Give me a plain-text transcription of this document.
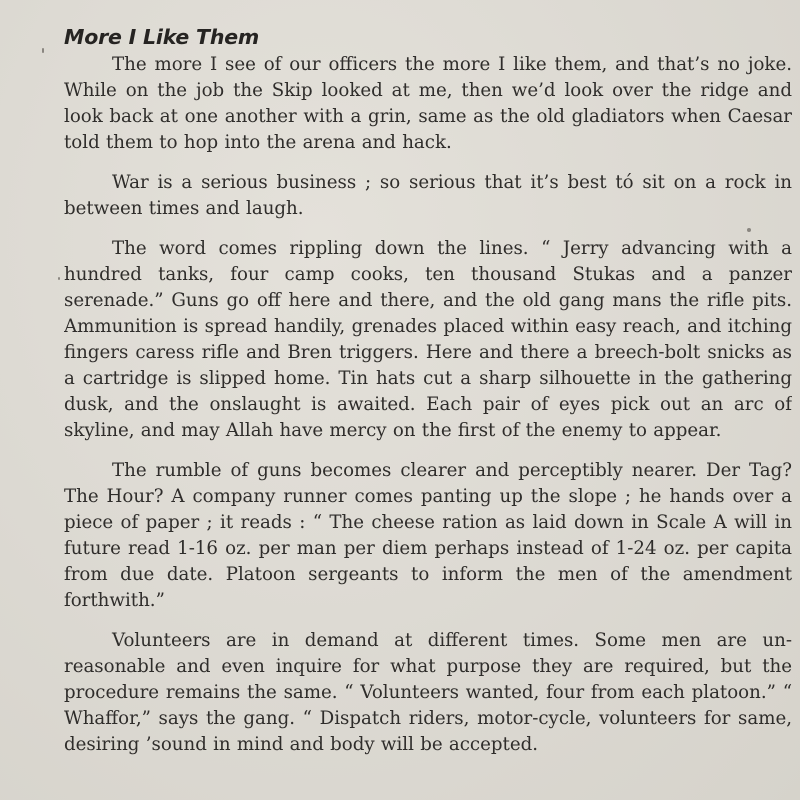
More I Like Them

The more I see of our officers the more I like them, and that’s no joke. While on the job the Skip looked at me, then we’d look over the ridge and look back at one another with a grin, same as the old gladiators when Caesar told them to hop into the arena and hack.

War is a serious business ; so serious that it’s best tó sit on a rock in between times and laugh.

The word comes rippling down the lines. “ Jerry advancing with a hundred tanks, four camp cooks, ten thousand Stukas and a panzer serenade.” Guns go off here and there, and the old gang mans the rifle pits. Ammunition is spread handily, grenades placed within easy reach, and itching fingers caress rifle and Bren triggers. Here and there a breech-bolt snicks as a cartridge is slipped home. Tin hats cut a sharp silhouette in the gathering dusk, and the onslaught is awaited. Each pair of eyes pick out an arc of skyline, and may Allah have mercy on the first of the enemy to appear.

The rumble of guns becomes clearer and perceptibly nearer. Der Tag? The Hour? A company runner comes panting up the slope ; he hands over a piece of paper ; it reads : “ The cheese ration as laid down in Scale A will in future read 1-16 oz. per man per diem perhaps instead of 1-24 oz. per capita from due date. Platoon sergeants to inform the men of the amendment forthwith.”

Volunteers are in demand at different times. Some men are un-reasonable and even inquire for what purpose they are required, but the procedure remains the same. “ Volunteers wanted, four from each platoon.” “ Whaffor,” says the gang. “ Dispatch riders, motor-cycle, volunteers for same, desiring ’sound in mind and body will be accepted.
